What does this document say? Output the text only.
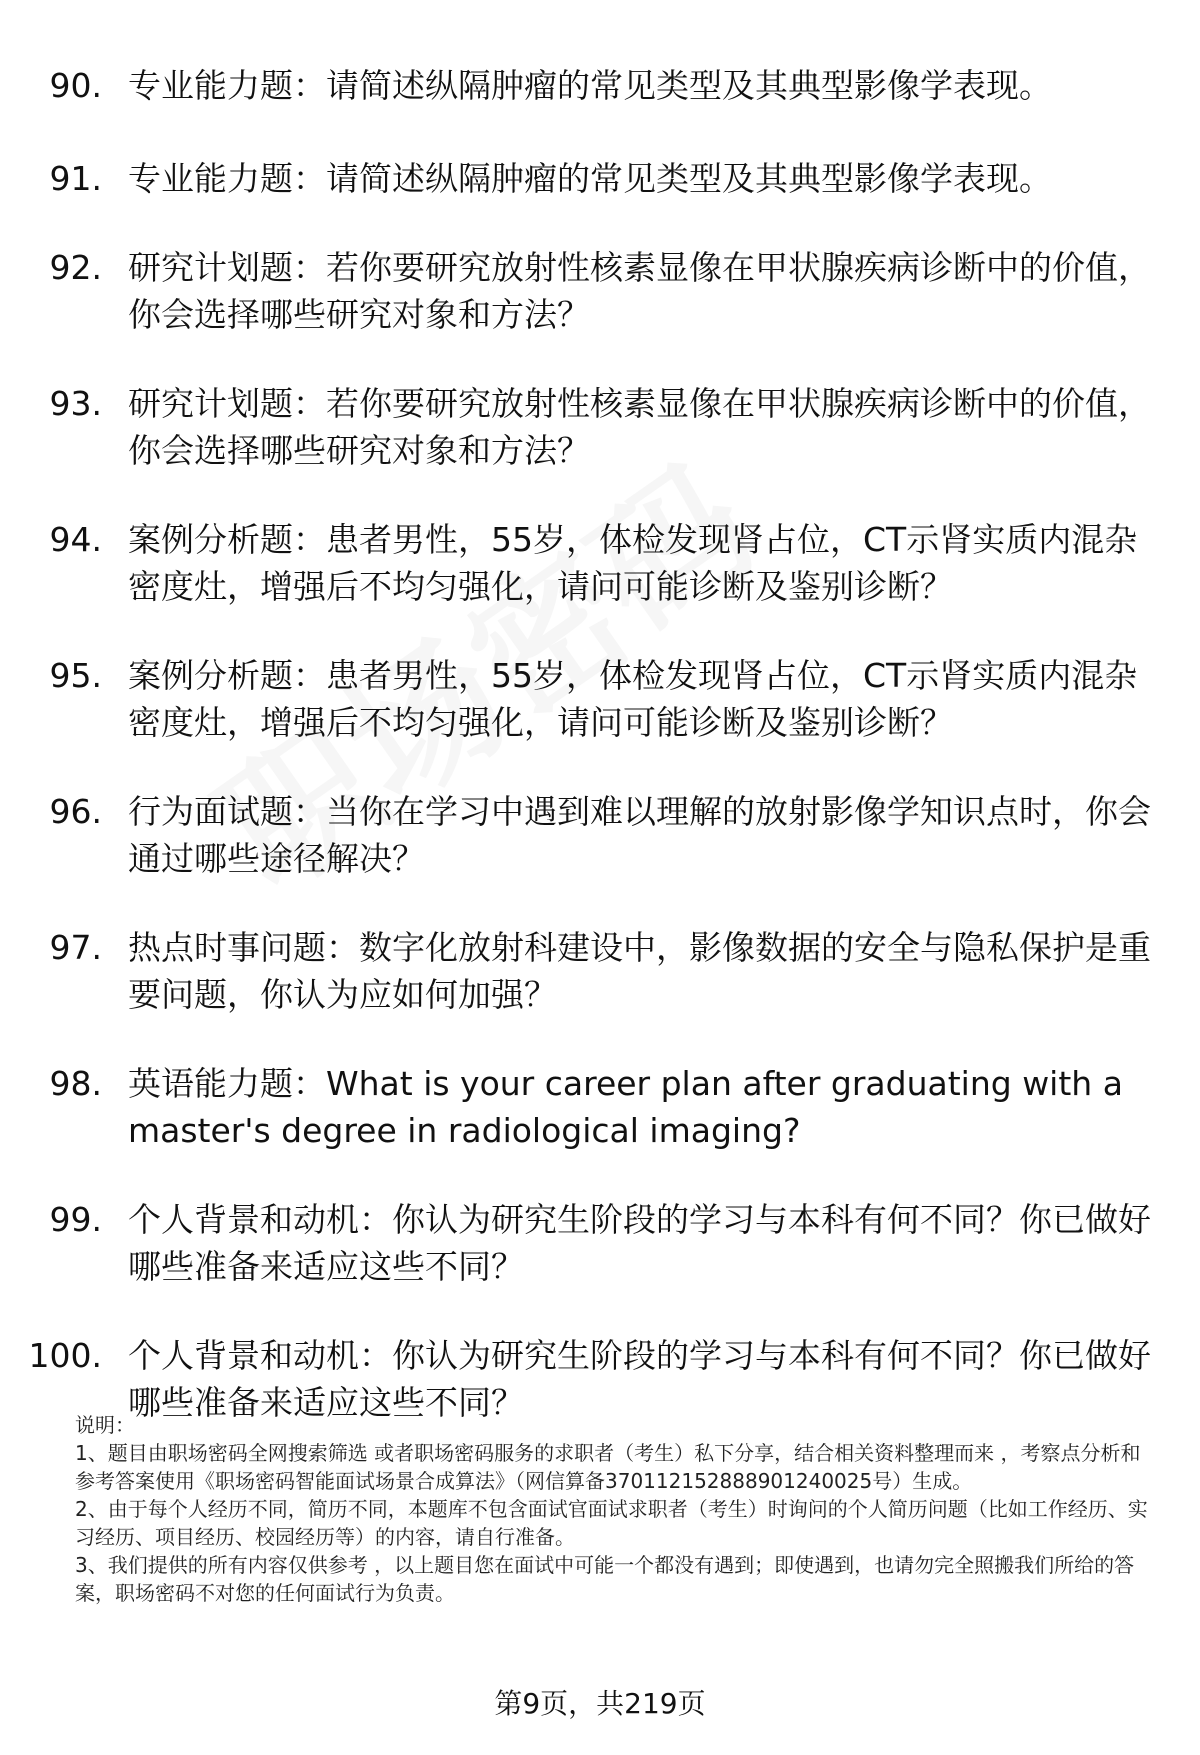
90. 专业能力题：请简述纵隔肿瘤的常见类型及其典型影像学表现。
91. 专业能力题：请简述纵隔肿瘤的常见类型及其典型影像学表现。
92. 研究计划题：若你要研究放射性核素显像在甲状腺疾病诊断中的价值，你会选择哪些研究对象和方法？
93. 研究计划题：若你要研究放射性核素显像在甲状腺疾病诊断中的价值，你会选择哪些研究对象和方法？
94. 案例分析题：患者男性，55岁，体检发现肾占位，CT示肾实质内混杂密度灶，增强后不均匀强化，请问可能诊断及鉴别诊断？
95. 案例分析题：患者男性，55岁，体检发现肾占位，CT示肾实质内混杂密度灶，增强后不均匀强化，请问可能诊断及鉴别诊断？
96. 行为面试题：当你在学习中遇到难以理解的放射影像学知识点时，你会通过哪些途径解决？
97. 热点时事问题：数字化放射科建设中，影像数据的安全与隐私保护是重要问题，你认为应如何加强？
98. 英语能力题：What is your career plan after graduating with a master's degree in radiological imaging?
99. 个人背景和动机：你认为研究生阶段的学习与本科有何不同？你已做好哪些准备来适应这些不同？
100. 个人背景和动机：你认为研究生阶段的学习与本科有何不同？你已做好哪些准备来适应这些不同？

说明：

1、题目由职场密码全网搜索筛选 或者职场密码服务的求职者（考生）私下分享，结合相关资料整理而来 ，考察点分析和参考答案使用《职场密码智能面试场景合成算法》（网信算备370112152888901240025号）生成。

2、由于每个人经历不同，简历不同，本题库不包含面试官面试求职者（考生）时询问的个人简历问题（比如工作经历、实习经历、项目经历、校园经历等）的内容，请自行准备。

3、我们提供的所有内容仅供参考 ，以上题目您在面试中可能一个都没有遇到；即使遇到，也请勿完全照搬我们所给的答案，职场密码不对您的任何面试行为负责。

第9页，共219页
